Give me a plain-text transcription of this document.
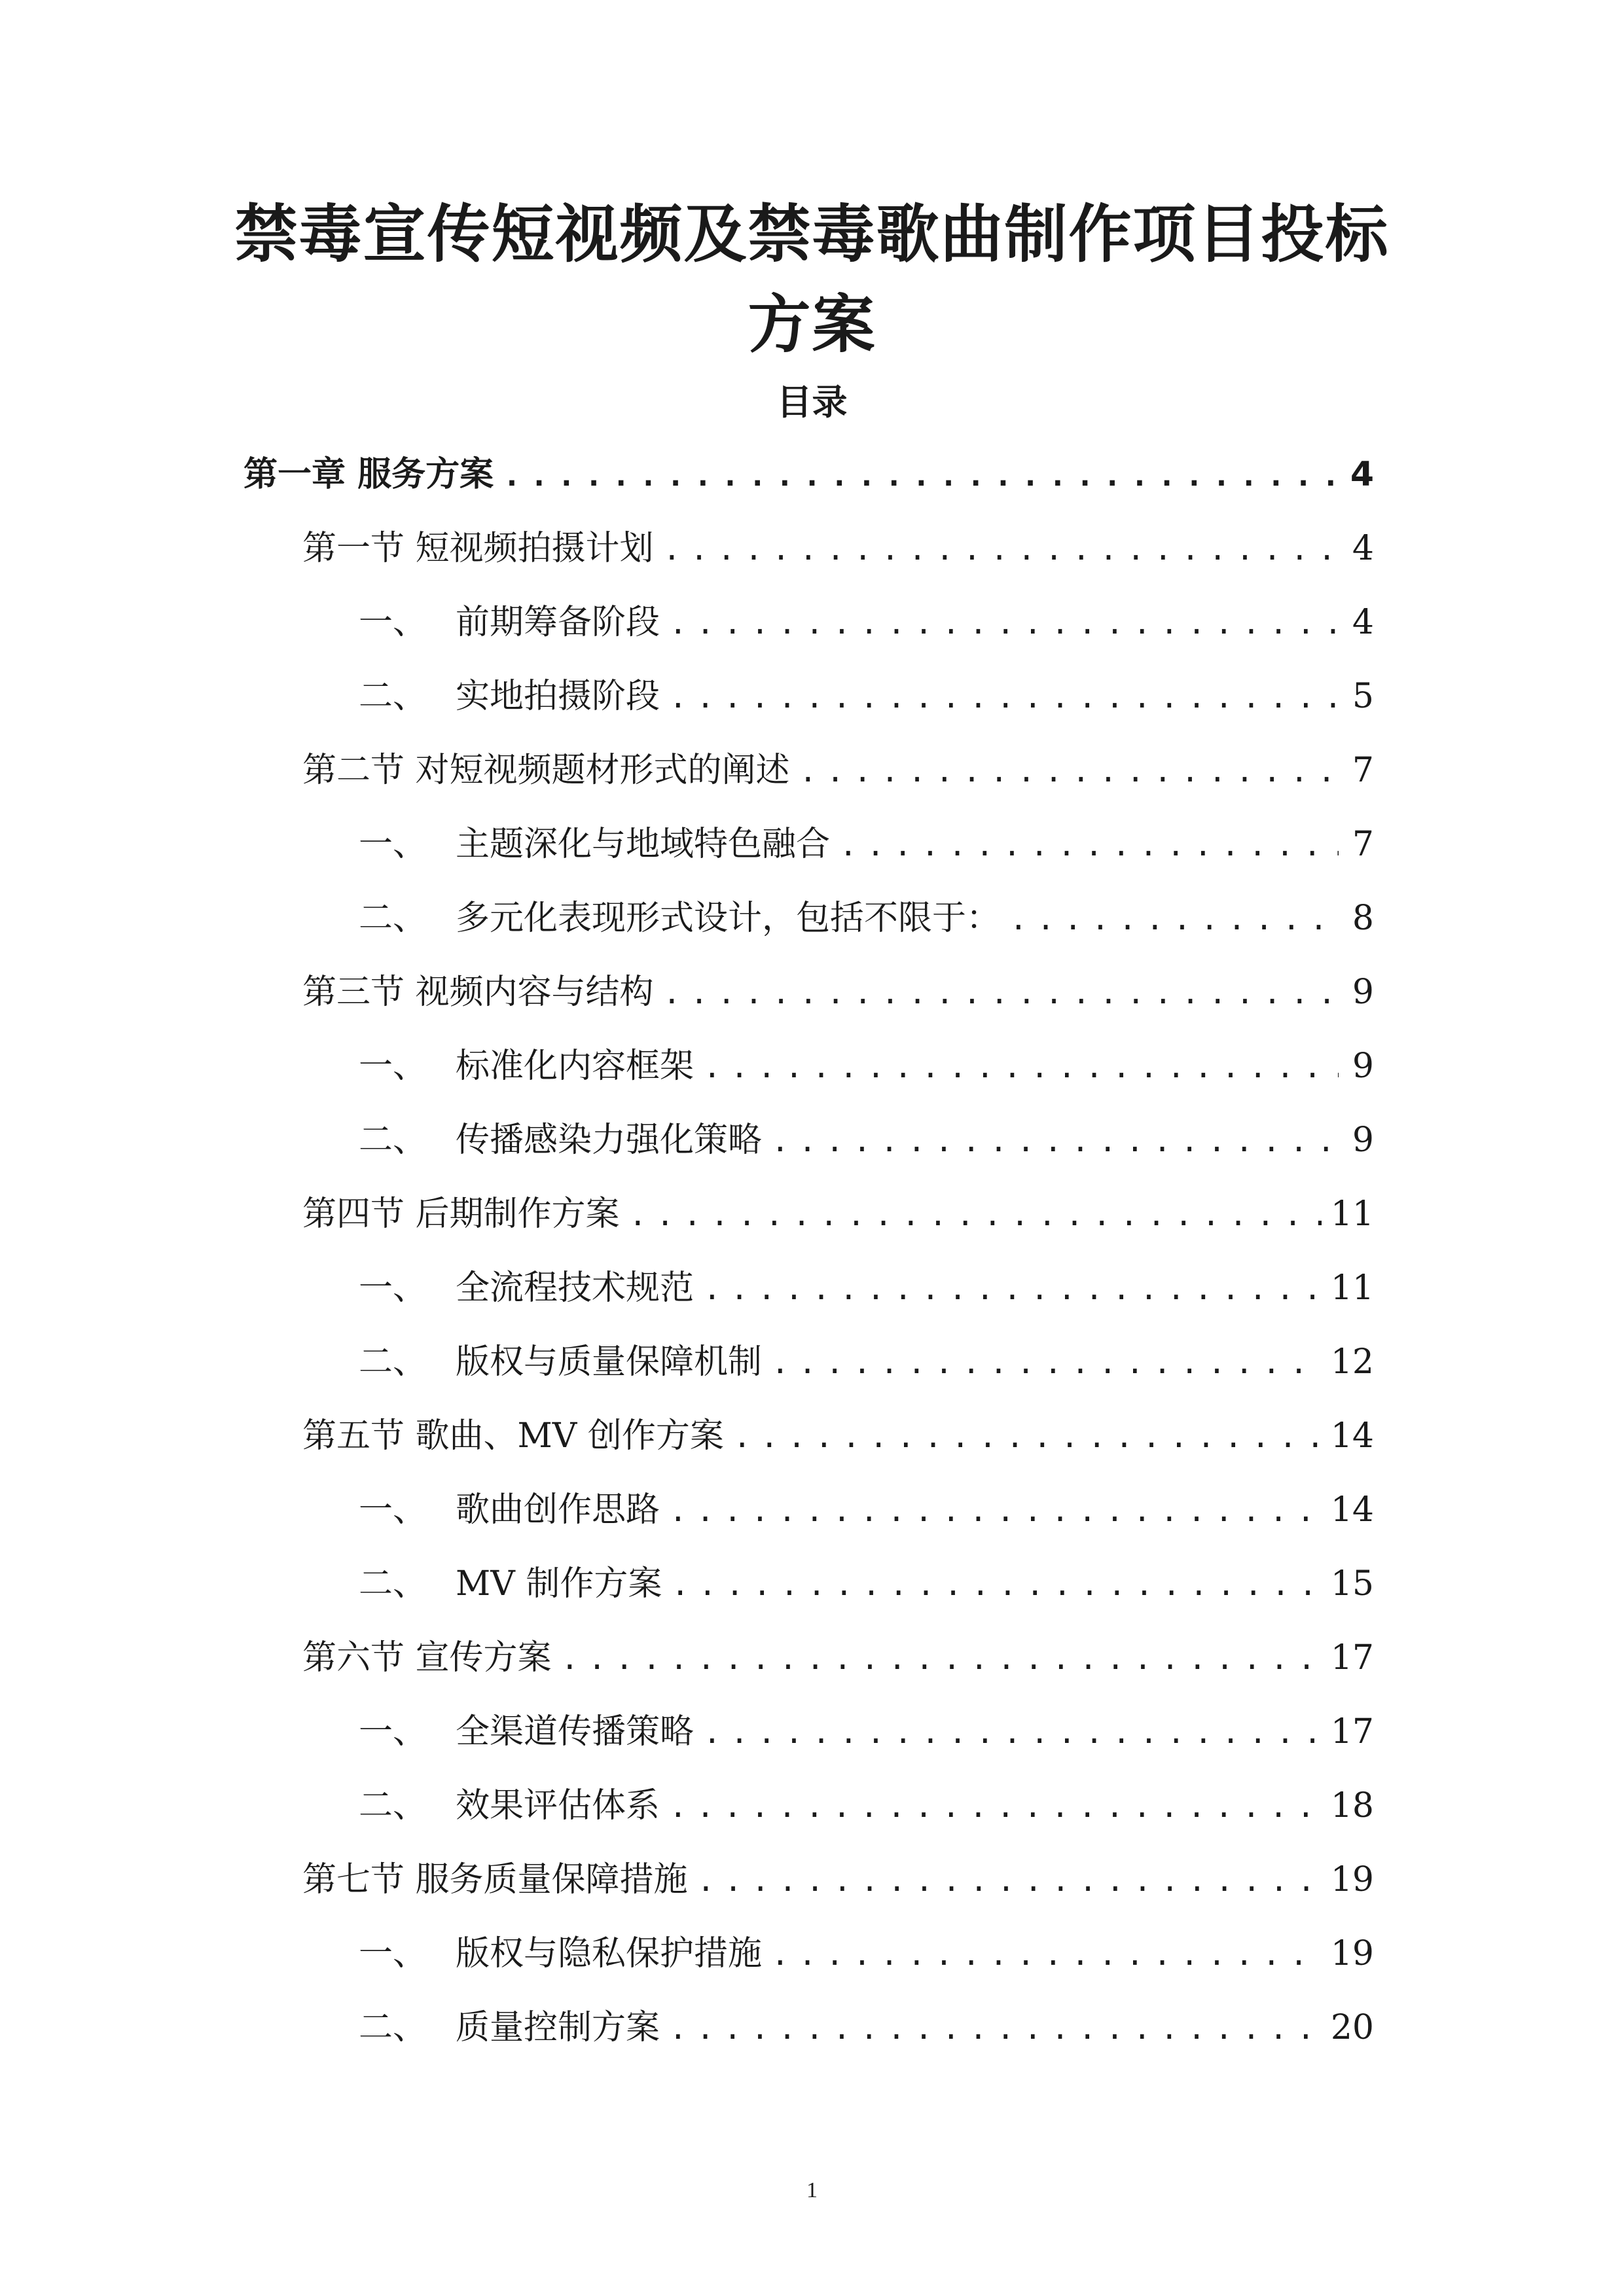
禁毒宣传短视频及禁毒歌曲制作项目投标
方案
目录
第一章 服务方案 .....	4
第一节 短视频拍摄计划 .....	4
一、 前期筹备阶段 .....	4
二、 实地拍摄阶段 .....	5
第二节 对短视频题材形式的阐述 .....	7
一、 主题深化与地域特色融合 .....	7
二、 多元化表现形式设计，包括不限于： .....	8
第三节 视频内容与结构 .....	9
一、 标准化内容框架 .....	9
二、 传播感染力强化策略 .....	9
第四节 后期制作方案 .....	11
一、 全流程技术规范 .....	11
二、 版权与质量保障机制 .....	12
第五节 歌曲、MV 创作方案 .....	14
一、 歌曲创作思路 .....	14
二、 MV 制作方案 .....	15
第六节 宣传方案 .....	17
一、 全渠道传播策略 .....	17
二、 效果评估体系 .....	18
第七节 服务质量保障措施 .....	19
一、 版权与隐私保护措施 .....	19
二、 质量控制方案 .....	20
1
